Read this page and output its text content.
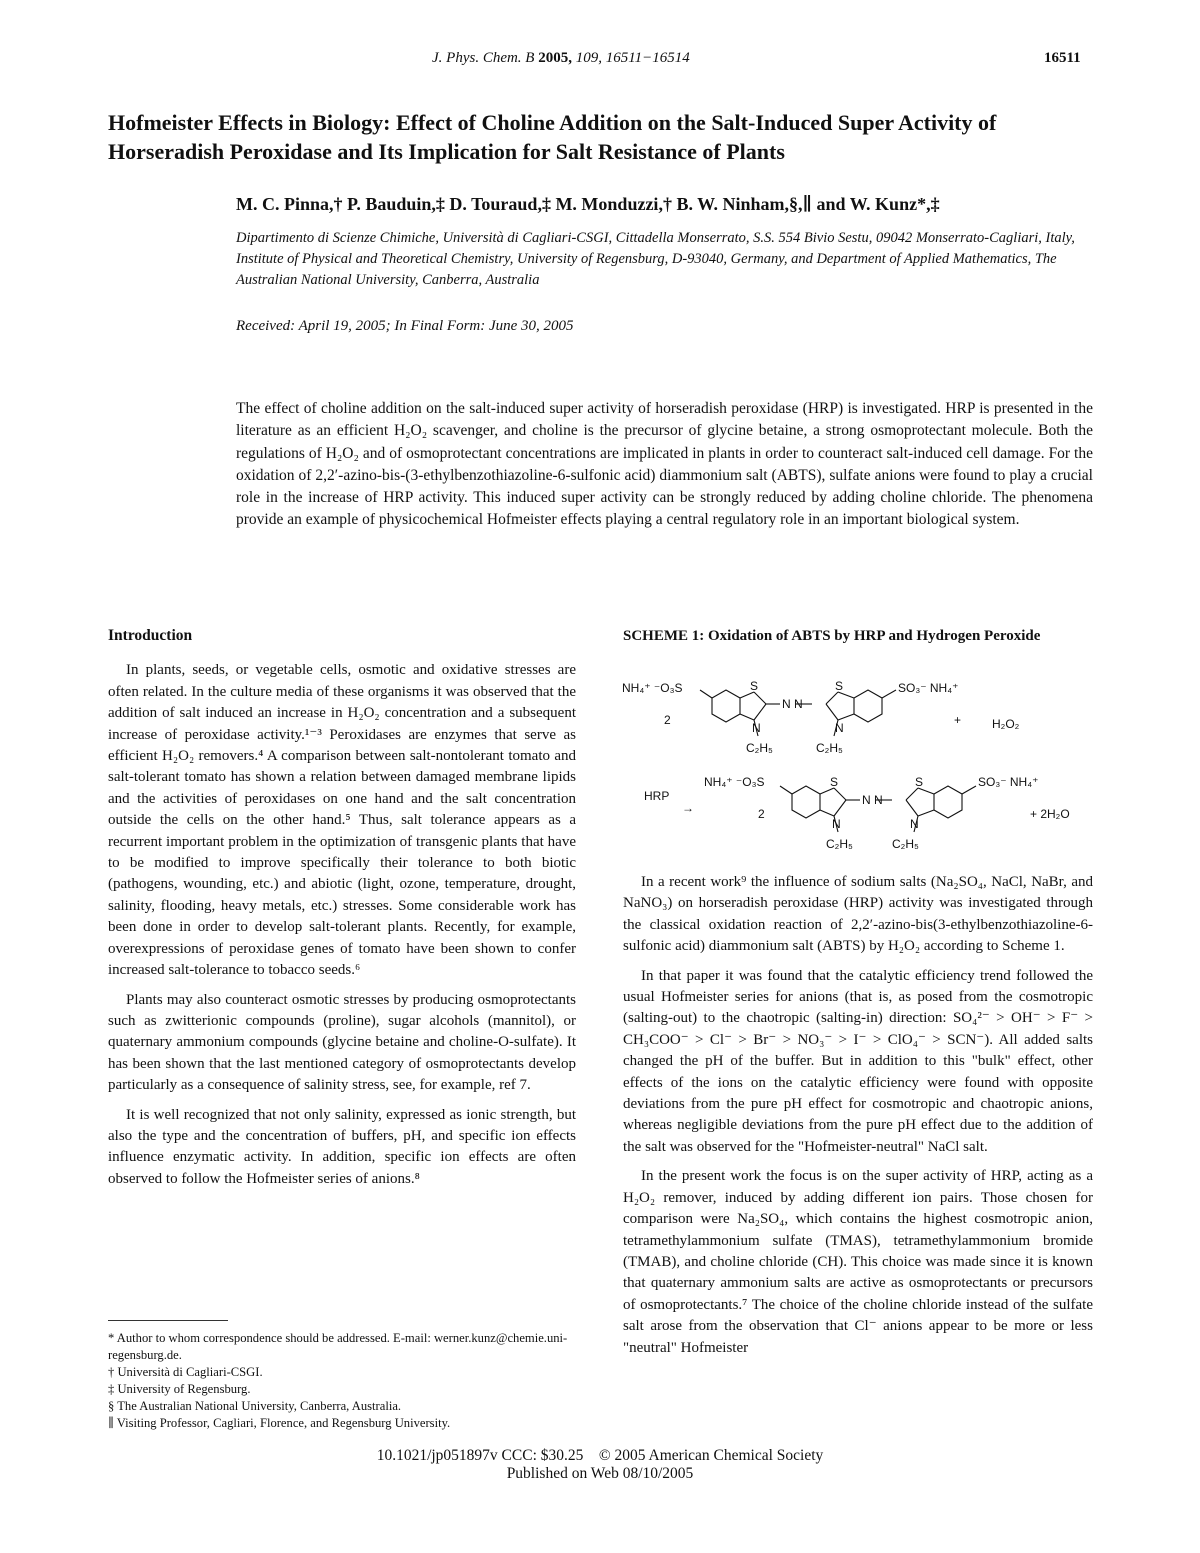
J. Phys. Chem. B 2005, 109, 16511−16514	16511
Hofmeister Effects in Biology: Effect of Choline Addition on the Salt-Induced Super Activity of Horseradish Peroxidase and Its Implication for Salt Resistance of Plants
M. C. Pinna,† P. Bauduin,‡ D. Touraud,‡ M. Monduzzi,† B. W. Ninham,§,∥ and W. Kunz*,‡
Dipartimento di Scienze Chimiche, Università di Cagliari-CSGI, Cittadella Monserrato, S.S. 554 Bivio Sestu, 09042 Monserrato-Cagliari, Italy, Institute of Physical and Theoretical Chemistry, University of Regensburg, D-93040, Germany, and Department of Applied Mathematics, The Australian National University, Canberra, Australia
Received: April 19, 2005; In Final Form: June 30, 2005
The effect of choline addition on the salt-induced super activity of horseradish peroxidase (HRP) is investigated. HRP is presented in the literature as an efficient H₂O₂ scavenger, and choline is the precursor of glycine betaine, a strong osmoprotectant molecule. Both the regulations of H₂O₂ and of osmoprotectant concentrations are implicated in plants in order to counteract salt-induced cell damage. For the oxidation of 2,2′-azino-bis-(3-ethylbenzothiazoline-6-sulfonic acid) diammonium salt (ABTS), sulfate anions were found to play a crucial role in the increase of HRP activity. This induced super activity can be strongly reduced by adding choline chloride. The phenomena provide an example of physicochemical Hofmeister effects playing a central regulatory role in an important biological system.
Introduction

In plants, seeds, or vegetable cells, osmotic and oxidative stresses are often related. In the culture media of these organisms it was observed that the addition of salt induced an increase in H₂O₂ concentration and a subsequent increase of peroxidase activity.¹⁻³ Peroxidases are enzymes that serve as efficient H₂O₂ removers.⁴ A comparison between salt-nontolerant tomato and salt-tolerant tomato has shown a relation between damaged membrane lipids and the activities of peroxidases on one hand and the salt concentration outside the cells on the other hand.⁵ Thus, salt tolerance appears as a recurrent important problem in the optimization of transgenic plants that have to be modified to improve specifically their tolerance to both biotic (pathogens, wounding, etc.) and abiotic (light, ozone, temperature, drought, salinity, flooding, heavy metals, etc.) stresses. Some considerable work has been done in order to develop salt-tolerant plants. Recently, for example, overexpressions of peroxidase genes of tomato have been shown to confer increased salt-tolerance to tobacco seeds.⁶

Plants may also counteract osmotic stresses by producing osmoprotectants such as zwitterionic compounds (proline), sugar alcohols (mannitol), or quaternary ammonium compounds (glycine betaine and choline-O-sulfate). It has been shown that the last mentioned category of osmoprotectants develop particularly as a consequence of salinity stress, see, for example, ref 7.

It is well recognized that not only salinity, expressed as ionic strength, but also the type and the concentration of buffers, pH, and specific ion effects influence enzymatic activity. In addition, specific ion effects are often observed to follow the Hofmeister series of anions.⁸

* Author to whom correspondence should be addressed. E-mail: werner.kunz@chemie.uni-regensburg.de.
† Università di Cagliari-CSGI.
‡ University of Regensburg.
§ The Australian National University, Canberra, Australia.
∥ Visiting Professor, Cagliari, Florence, and Regensburg University.
SCHEME 1: Oxidation of ABTS by HRP and Hydrogen Peroxide
NH₄⁺ ⁻O₃S
2
S	S
N N
N	N
C₂H₅	C₂H₅
SO₃⁻ NH₄⁺
+	H₂O₂
HRP
→
NH₄⁺ ⁻O₃S
2
S	S
N N
N	N
C₂H₅	C₂H₅
SO₃⁻ NH₄⁺
+ 2H₂O

In a recent work⁹ the influence of sodium salts (Na₂SO₄, NaCl, NaBr, and NaNO₃) on horseradish peroxidase (HRP) activity was investigated through the classical oxidation reaction of 2,2′-azino-bis(3-ethylbenzothiazoline-6-sulfonic acid) diammonium salt (ABTS) by H₂O₂ according to Scheme 1.

In that paper it was found that the catalytic efficiency trend followed the usual Hofmeister series for anions (that is, as posed from the cosmotropic (salting-out) to the chaotropic (salting-in) direction: SO₄²⁻ > OH⁻ > F⁻ > CH₃COO⁻ > Cl⁻ > Br⁻ > NO₃⁻ > I⁻ > ClO₄⁻ > SCN⁻). All added salts changed the pH of the buffer. But in addition to this "bulk" effect, other effects of the ions on the catalytic efficiency were found with opposite deviations from the pure pH effect for cosmotropic and chaotropic anions, whereas negligible deviations from the pure pH effect due to the addition of the salt was observed for the "Hofmeister-neutral" NaCl salt.

In the present work the focus is on the super activity of HRP, acting as a H₂O₂ remover, induced by adding different ion pairs. Those chosen for comparison were Na₂SO₄, which contains the highest cosmotropic anion, tetramethylammonium sulfate (TMAS), tetramethylammonium bromide (TMAB), and choline chloride (CH). This choice was made since it is known that quaternary ammonium salts are active as osmoprotectants or precursors of osmoprotectants.⁷ The choice of the choline chloride instead of the sulfate salt arose from the observation that Cl⁻ anions appear to be more or less "neutral" Hofmeister

10.1021/jp051897v CCC: $30.25 © 2005 American Chemical Society
Published on Web 08/10/2005
